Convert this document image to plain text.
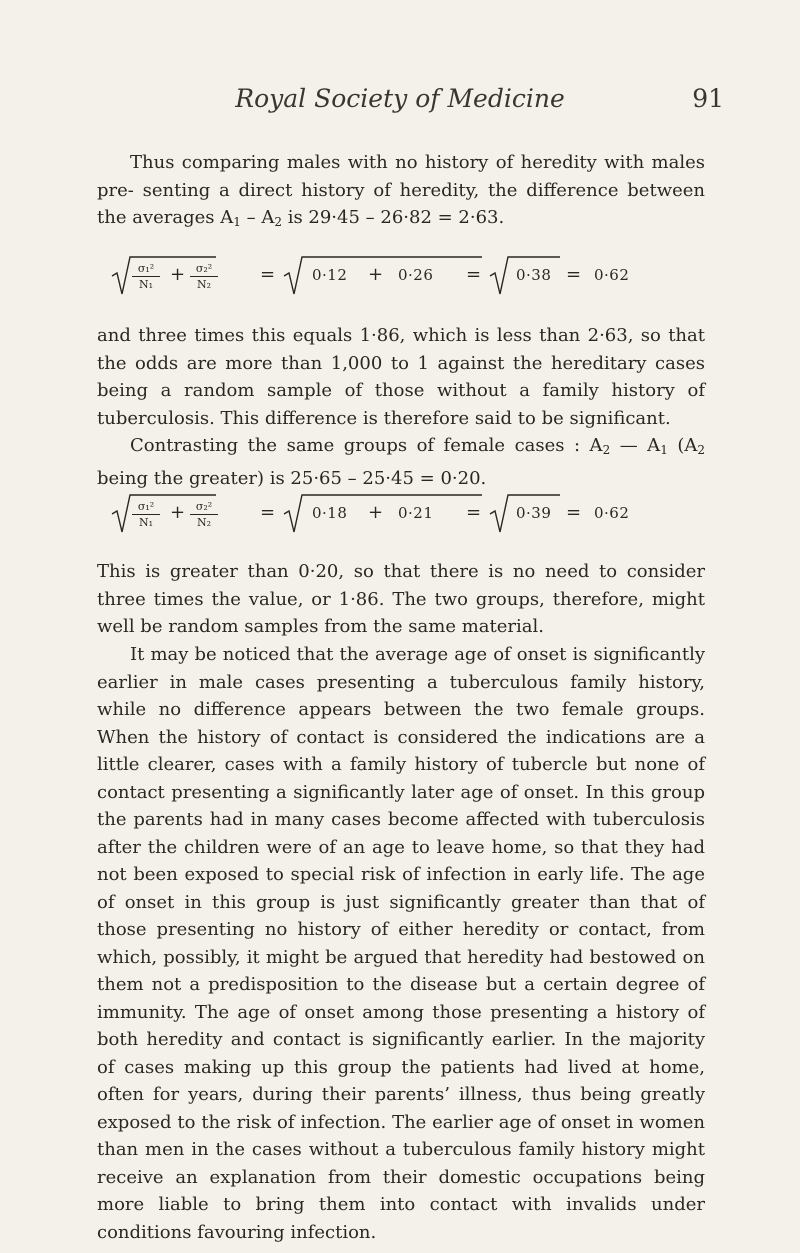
Royal Society of Medicine	91

Thus comparing males with no history of heredity with males pre- senting a direct history of heredity, the difference between the averages $A_1 - A_2$ is 29·45 – 26·82 = 2·63.

σ₁²
N₁ + σ₂²
N₂	= 0·12 + 0·26 = 0·38 = 0·62

and three times this equals 1·86, which is less than 2·63, so that the odds are more than 1,000 to 1 against the hereditary cases being a random sample of those without a family history of tuberculosis. This difference is therefore said to be significant.

Contrasting the same groups of female cases : $A_2$ — $A_1$ ($A_2$ being the greater) is 25·65 – 25·45 = 0·20.

σ₁²
N₁ + σ₂²
N₂	= 0·18 + 0·21 = 0·39 = 0·62

This is greater than 0·20, so that there is no need to consider three times the value, or 1·86. The two groups, therefore, might well be random samples from the same material.

It may be noticed that the average age of onset is significantly earlier in male cases presenting a tuberculous family history, while no difference appears between the two female groups. When the history of contact is considered the indications are a little clearer, cases with a family history of tubercle but none of contact presenting a significantly later age of onset. In this group the parents had in many cases become affected with tuberculosis after the children were of an age to leave home, so that they had not been exposed to special risk of infection in early life. The age of onset in this group is just significantly greater than that of those presenting no history of either heredity or contact, from which, possibly, it might be argued that heredity had bestowed on them not a predisposition to the disease but a certain degree of immunity. The age of onset among those presenting a history of both heredity and contact is significantly earlier. In the majority of cases making up this group the patients had lived at home, often for years, during their parents’ illness, thus being greatly exposed to the risk of infection. The earlier age of onset in women than men in the cases without a tuberculous family history might receive an explanation from their domestic occupations being more liable to bring them into contact with invalids under conditions favouring infection.
